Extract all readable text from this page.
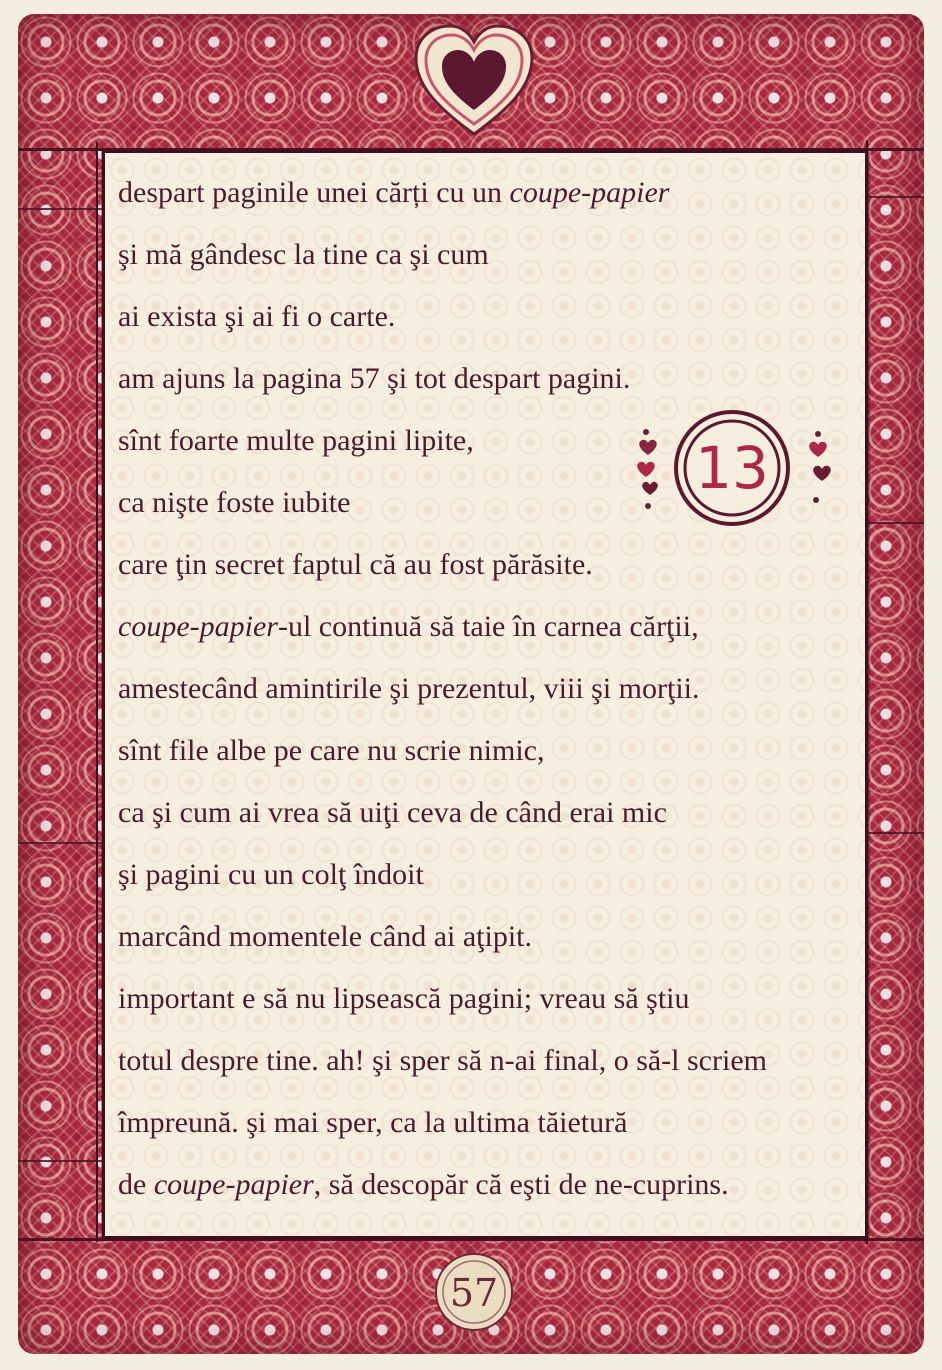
despart paginile unei cărți cu un coupe-papier
şi mă gândesc la tine ca şi cum
ai exista şi ai fi o carte.
am ajuns la pagina 57 şi tot despart pagini.
sînt foarte multe pagini lipite,
ca nişte foste iubite
care ţin secret faptul că au fost părăsite.
coupe-papier-ul continuă să taie în carnea cărţii,
amestecând amintirile şi prezentul, viii şi morţii.
sînt file albe pe care nu scrie nimic,
ca şi cum ai vrea să uiţi ceva de când erai mic
şi pagini cu un colţ îndoit
marcând momentele când ai aţipit.
important e să nu lipsească pagini; vreau să ştiu
totul despre tine. ah! şi sper să n-ai final, o să-l scriem
împreună. şi mai sper, ca la ultima tăietură
de coupe-papier, să descopăr că eşti de ne-cuprins.
13
57
